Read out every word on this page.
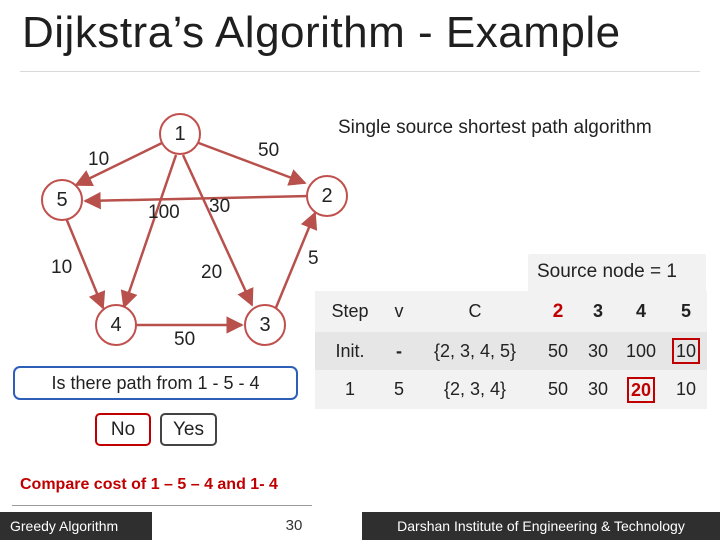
Dijkstra’s Algorithm - Example
Single source shortest path algorithm
10	50
30
100
10
50
20
5
1
2
3
4
5
Source node = 1
Step	v	C	2	3	4	5
Init.	-	{2, 3, 4, 5}	50	30	100	10
1	5	{2, 3, 4}	50	30	20	10
Is there path from 1 - 5 - 4
No	Yes
Compare cost of 1 – 5 – 4 and 1- 4
Greedy Algorithm	30	Darshan Institute of Engineering & Technology
